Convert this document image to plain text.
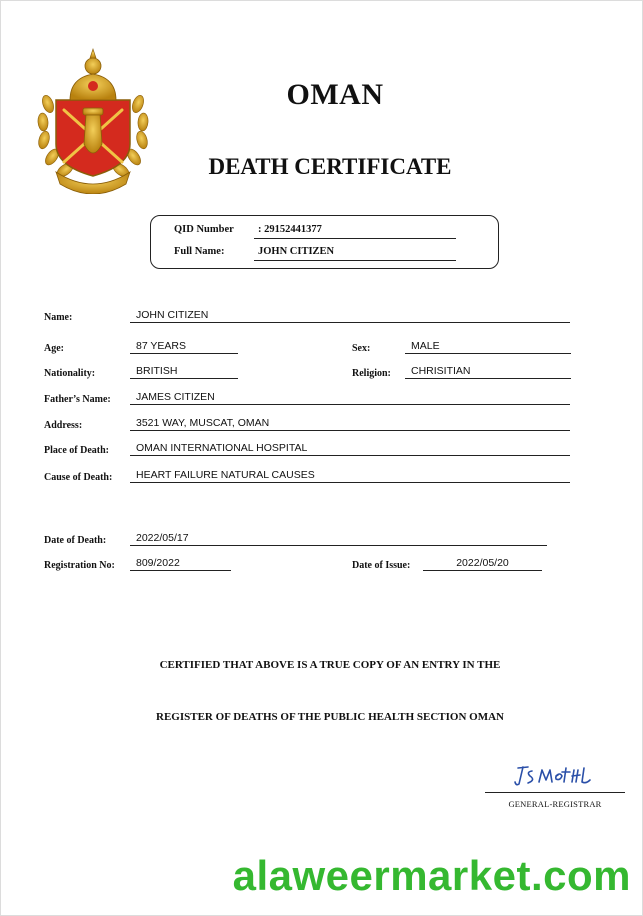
OMAN
DEATH CERTIFICATE
QID Number	: 29152441377
Full Name:	JOHN CITIZEN
Name:	JOHN CITIZEN
Age:	87 YEARS	Sex:	MALE
Nationality:	BRITISH	Religion:	CHRISITIAN
Father’s Name:	JAMES CITIZEN
Address:	3521 WAY, MUSCAT, OMAN
Place of Death:	OMAN INTERNATIONAL HOSPITAL
Cause of Death:	HEART FAILURE NATURAL CAUSES
Date of Death:	2022/05/17
Registration No:	809/2022	Date of Issue:	2022/05/20
CERTIFIED THAT ABOVE IS A TRUE COPY OF AN ENTRY IN THE
REGISTER OF DEATHS OF THE PUBLIC HEALTH SECTION OMAN
GENERAL-REGISTRAR
alaweermarket.com
